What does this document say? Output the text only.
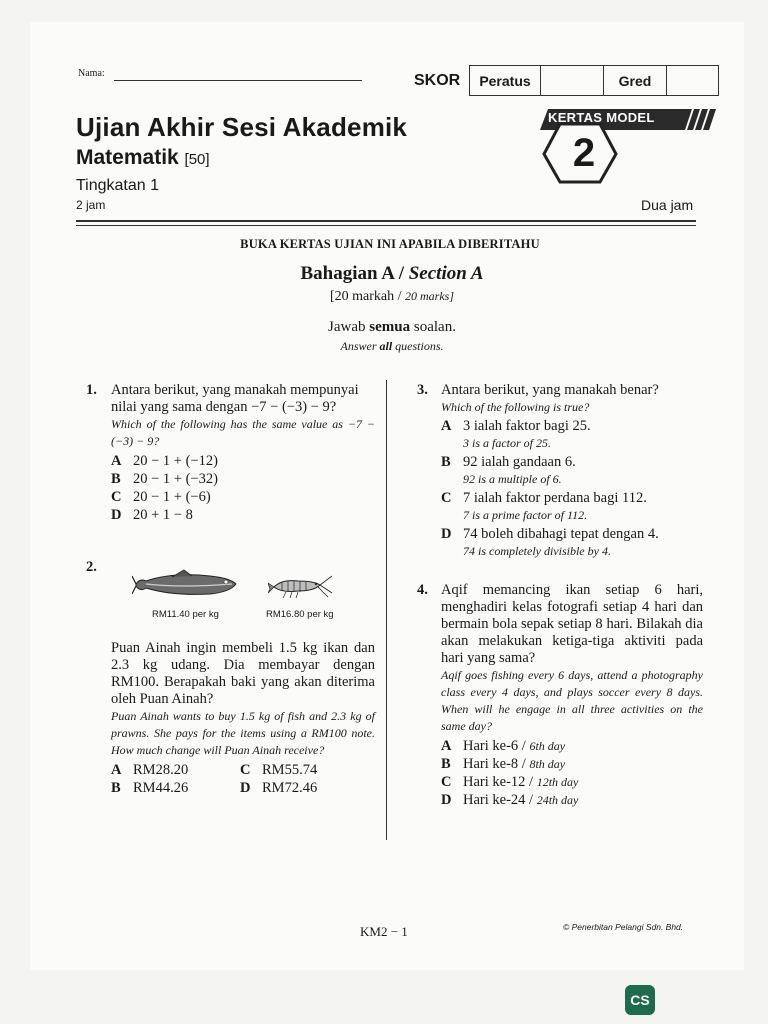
Nama:	SKOR	Peratus	Gred
Ujian Akhir Sesi Akademik
Matematik [50]
Tingkatan 1
2 jam	Dua jam
KERTAS MODEL
2
BUKA KERTAS UJIAN INI APABILA DIBERITAHU
Bahagian A / Section A
[20 markah / 20 marks]
Jawab semua soalan.
Answer all questions.
1. Antara berikut, yang manakah mempunyai nilai yang sama dengan −7 − (−3) − 9?
Which of the following has the same value as −7 − (−3) − 9?
A 20 − 1 + (−12)
B 20 − 1 + (−32)
C 20 − 1 + (−6)
D 20 + 1 − 8
2.
RM11.40 per kg	RM16.80 per kg
Puan Ainah ingin membeli 1.5 kg ikan dan 2.3 kg udang. Dia membayar dengan RM100. Berapakah baki yang akan diterima oleh Puan Ainah?
Puan Ainah wants to buy 1.5 kg of fish and 2.3 kg of prawns. She pays for the items using a RM100 note. How much change will Puan Ainah receive?
A RM28.20	C RM55.74
B RM44.26	D RM72.46
3. Antara berikut, yang manakah benar?
Which of the following is true?
A 3 ialah faktor bagi 25.
3 is a factor of 25.
B 92 ialah gandaan 6.
92 is a multiple of 6.
C 7 ialah faktor perdana bagi 112.
7 is a prime factor of 112.
D 74 boleh dibahagi tepat dengan 4.
74 is completely divisible by 4.
4. Aqif memancing ikan setiap 6 hari, menghadiri kelas fotografi setiap 4 hari dan bermain bola sepak setiap 8 hari. Bilakah dia akan melakukan ketiga-tiga aktiviti pada hari yang sama?
Aqif goes fishing every 6 days, attend a photography class every 4 days, and plays soccer every 8 days. When will he engage in all three activities on the same day?
A Hari ke-6 /
6th day
B Hari ke-8 /
8th day
C Hari ke-12 /
12th day
D Hari ke-24 /
24th day
KM2 − 1	© Penerbitan Pelangi Sdn. Bhd.
CS
